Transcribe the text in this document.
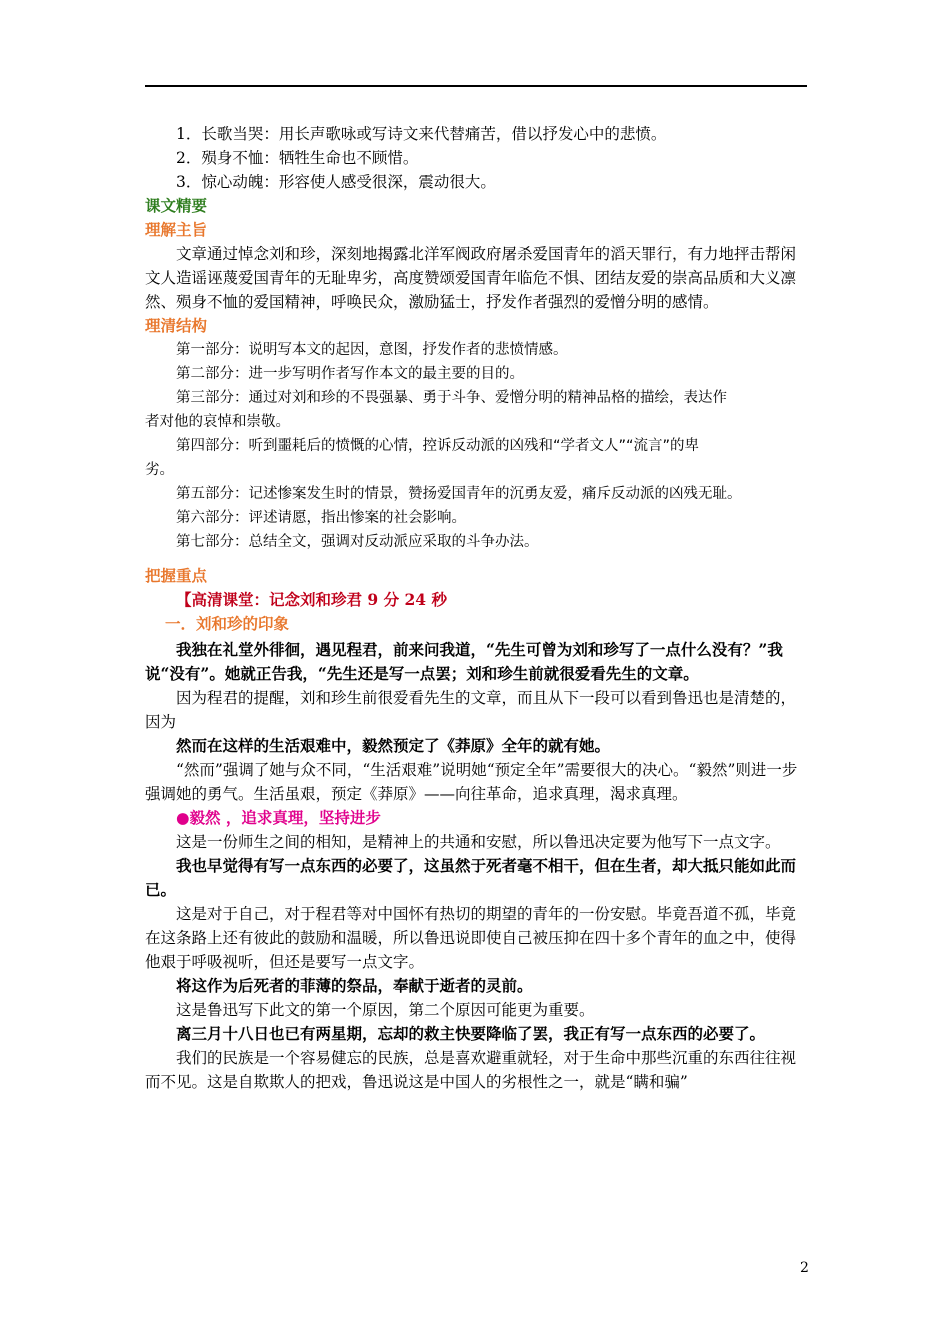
1．长歌当哭：用长声歌咏或写诗文来代替痛苦，借以抒发心中的悲愤。
2．殒身不恤：牺牲生命也不顾惜。
3．惊心动魄：形容使人感受很深，震动很大。
课文精要
理解主旨

文章通过悼念刘和珍，深刻地揭露北洋军阀政府屠杀爱国青年的滔天罪行，有力地抨击帮闲文人造谣诬蔑爱国青年的无耻卑劣，高度赞颂爱国青年临危不惧、团结友爱的崇高品质和大义凛然、殒身不恤的爱国精神，呼唤民众，激励猛士，抒发作者强烈的爱憎分明的感情。

理清结构
第一部分：说明写本文的起因，意图，抒发作者的悲愤情感。
第二部分：进一步写明作者写作本文的最主要的目的。
第三部分：通过对刘和珍的不畏强暴、勇于斗争、爱憎分明的精神品格的描绘，表达作
者对他的哀悼和崇敬。
第四部分：听到噩耗后的愤慨的心情，控诉反动派的凶残和“学者文人”“流言”的卑
劣。
第五部分：记述惨案发生时的情景，赞扬爱国青年的沉勇友爱，痛斥反动派的凶残无耻。
第六部分：评述请愿，指出惨案的社会影响。
第七部分：总结全文，强调对反动派应采取的斗争办法。
把握重点
【高清课堂：记念刘和珍君 9 分 24 秒
一．刘和珍的印象

我独在礼堂外徘徊，遇见程君，前来问我道，“先生可曾为刘和珍写了一点什么没有？”我说“没有”。她就正告我，“先生还是写一点罢；刘和珍生前就很爱看先生的文章。

因为程君的提醒，刘和珍生前很爱看先生的文章，而且从下一段可以看到鲁迅也是清楚的，因为

然而在这样的生活艰难中，毅然预定了《莽原》全年的就有她。

“然而”强调了她与众不同，“生活艰难”说明她“预定全年”需要很大的决心。“毅然”则进一步强调她的勇气。生活虽艰，预定《莽原》——向往革命，追求真理，渴求真理。

●毅然 ，追求真理，坚持进步

这是一份师生之间的相知，是精神上的共通和安慰，所以鲁迅决定要为他写下一点文字。

我也早觉得有写一点东西的必要了，这虽然于死者毫不相干，但在生者，却大抵只能如此而已。

这是对于自己，对于程君等对中国怀有热切的期望的青年的一份安慰。毕竟吾道不孤，毕竟在这条路上还有彼此的鼓励和温暖，所以鲁迅说即使自己被压抑在四十多个青年的血之中，使得他艰于呼吸视听，但还是要写一点文字。

将这作为后死者的菲薄的祭品，奉献于逝者的灵前。

这是鲁迅写下此文的第一个原因，第二个原因可能更为重要。

离三月十八日也已有两星期，忘却的救主快要降临了罢，我正有写一点东西的必要了。

我们的民族是一个容易健忘的民族，总是喜欢避重就轻，对于生命中那些沉重的东西往往视而不见。这是自欺欺人的把戏，鲁迅说这是中国人的劣根性之一，就是“瞒和骗”

2
